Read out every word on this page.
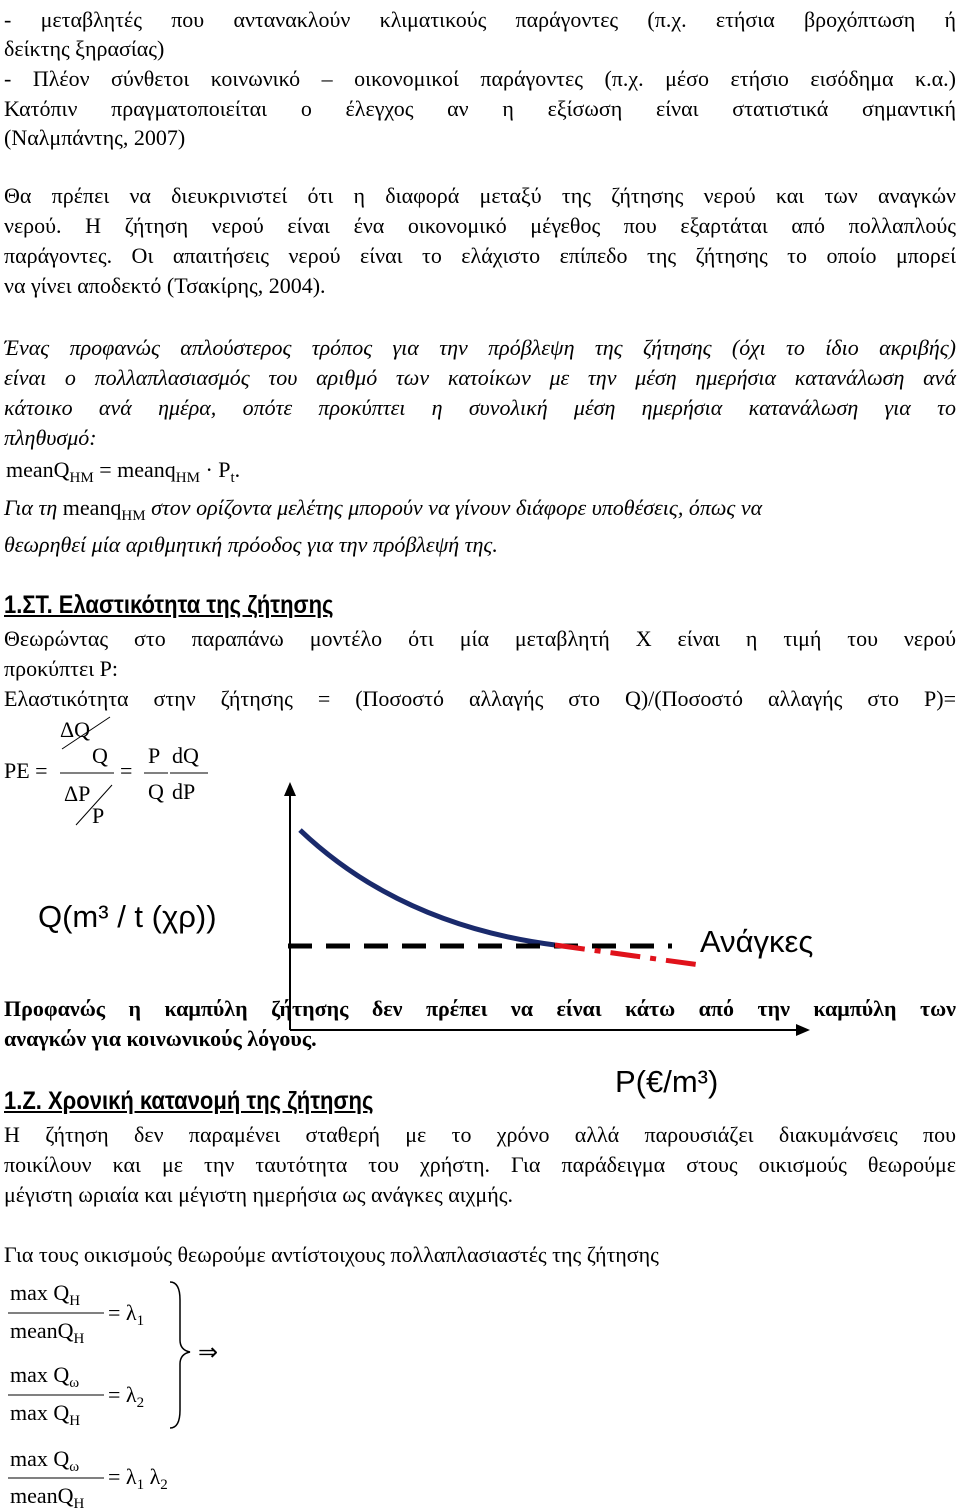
- μεταβλητές που αντανακλούν κλιματικούς παράγοντες (π.χ. ετήσια βροχόπτωση ή
δείκτης ξηρασίας)
- Πλέον σύνθετοι κοινωνικό – οικονομικοί παράγοντες (π.χ. μέσο ετήσιο εισόδημα κ.α.)
Κατόπιν πραγματοποιείται ο έλεγχος αν η εξίσωση είναι στατιστικά σημαντική
(Ναλμπάντης, 2007)
Θα πρέπει να διευκρινιστεί ότι η διαφορά μεταξύ της ζήτησης νερού και των αναγκών
νερού. Η ζήτηση νερού είναι ένα οικονομικό μέγεθος που εξαρτάται από πολλαπλούς
παράγοντες. Οι απαιτήσεις νερού είναι το ελάχιστο επίπεδο της ζήτησης το οποίο μπορεί
να γίνει αποδεκτό (Τσακίρης, 2004).
Ένας προφανώς απλούστερος τρόπος για την πρόβλεψη της ζήτησης (όχι το ίδιο ακριβής)
είναι ο πολλαπλασιασμός του αριθμό των κατοίκων με την μέση ημερήσια κατανάλωση ανά
κάτοικο ανά ημέρα, οπότε προκύπτει η συνολική μέση ημερήσια κατανάλωση για το
πληθυσμό:
meanQ$_{HM}$ = meanq$_{HM}$ · $P_t$.
Για τη meanq$_{HM}$ στον ορίζοντα μελέτης μπορούν να γίνουν διάφορε υποθέσεις, όπως να
θεωρηθεί μία αριθμητική πρόοδος για την πρόβλεψή της.
1.ΣΤ. Ελαστικότητα της ζήτησης
Θεωρώντας στο παραπάνω μοντέλο ότι μία μεταβλητή Χ είναι η τιμή του νερού
προκύπτει Ρ:
Ελαστικότητα στην ζήτησης = (Ποσοστό αλλαγής στο Q)/(Ποσοστό αλλαγής στο P)=
PE =
ΔQ
Q
ΔP
P
=
P
Q
dQ
dP
Q(m³ / t (χρ))
Ανάγκες
P(€/m³)
Προφανώς η καμπύλη ζήτησης δεν πρέπει να είναι κάτω από την καμπύλη των
αναγκών για κοινωνικούς λόγους.
1.Ζ. Χρονική κατανομή της ζήτησης
Η ζήτηση δεν παραμένει σταθερή με το χρόνο αλλά παρουσιάζει διακυμάνσεις που
ποικίλουν και με την ταυτότητα του χρήστη. Για παράδειγμα στους οικισμούς θεωρούμε
μέγιστη ωριαία και μέγιστη ημερήσια ως ανάγκες αιχμής.
Για τους οικισμούς θεωρούμε αντίστοιχους πολλαπλασιαστές της ζήτησης
$\max Q_H$
meanQ$_H$
= $\lambda_1$
⇒
$\max Q_\omega$
$\max Q_H$
= $\lambda_2$
$\max Q_\omega$
meanQ$_H$
= $\lambda_1$ $\lambda_2$
